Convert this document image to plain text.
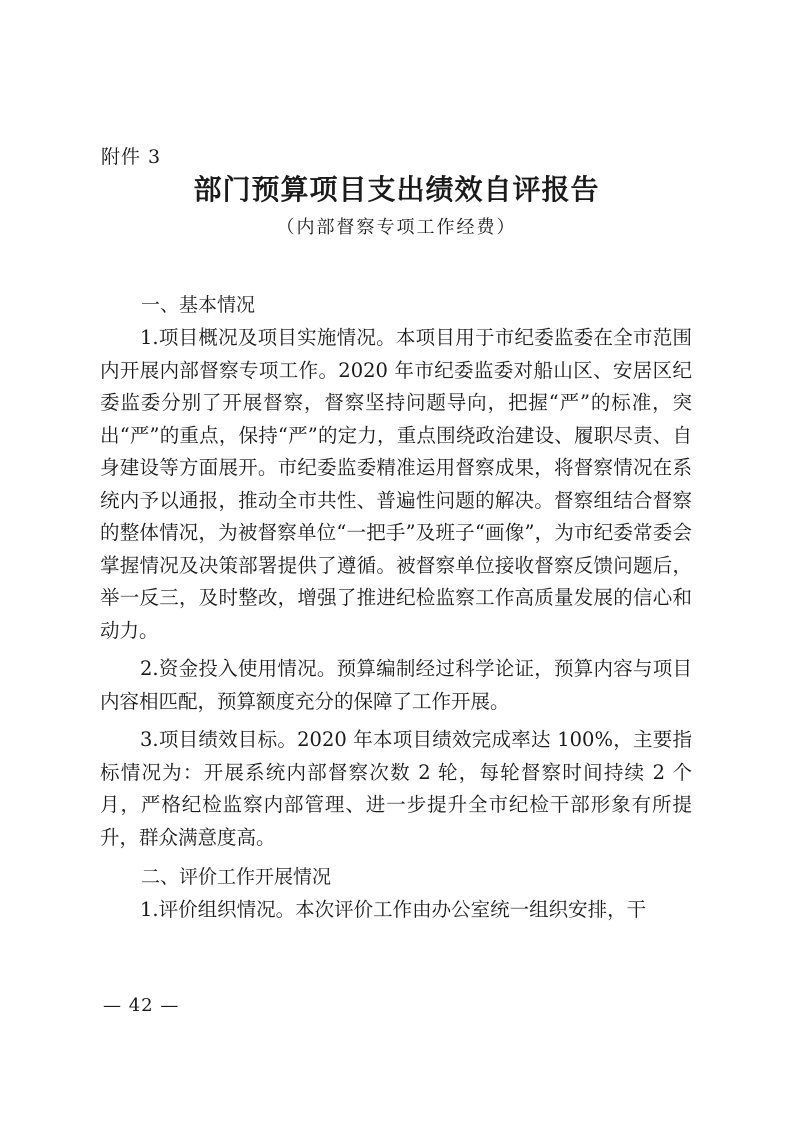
附件 3
部门预算项目支出绩效自评报告
（内部督察专项工作经费）

一、基本情况

1.项目概况及项目实施情况。本项目用于市纪委监委在全市范围内开展内部督察专项工作。2020 年市纪委监委对船山区、安居区纪委监委分别了开展督察，督察坚持问题导向，把握“严”的标准，突出“严”的重点，保持“严”的定力，重点围绕政治建设、履职尽责、自身建设等方面展开。市纪委监委精准运用督察成果，将督察情况在系统内予以通报，推动全市共性、普遍性问题的解决。督察组结合督察的整体情况，为被督察单位“一把手”及班子“画像”，为市纪委常委会掌握情况及决策部署提供了遵循。被督察单位接收督察反馈问题后，举一反三，及时整改，增强了推进纪检监察工作高质量发展的信心和动力。

2.资金投入使用情况。预算编制经过科学论证，预算内容与项目内容相匹配，预算额度充分的保障了工作开展。

3.项目绩效目标。2020 年本项目绩效完成率达 100%，主要指标情况为：开展系统内部督察次数 2 轮，每轮督察时间持续 2 个月，严格纪检监察内部管理、进一步提升全市纪检干部形象有所提升，群众满意度高。

二、评价工作开展情况

1.评价组织情况。本次评价工作由办公室统一组织安排，干

— 42 —
